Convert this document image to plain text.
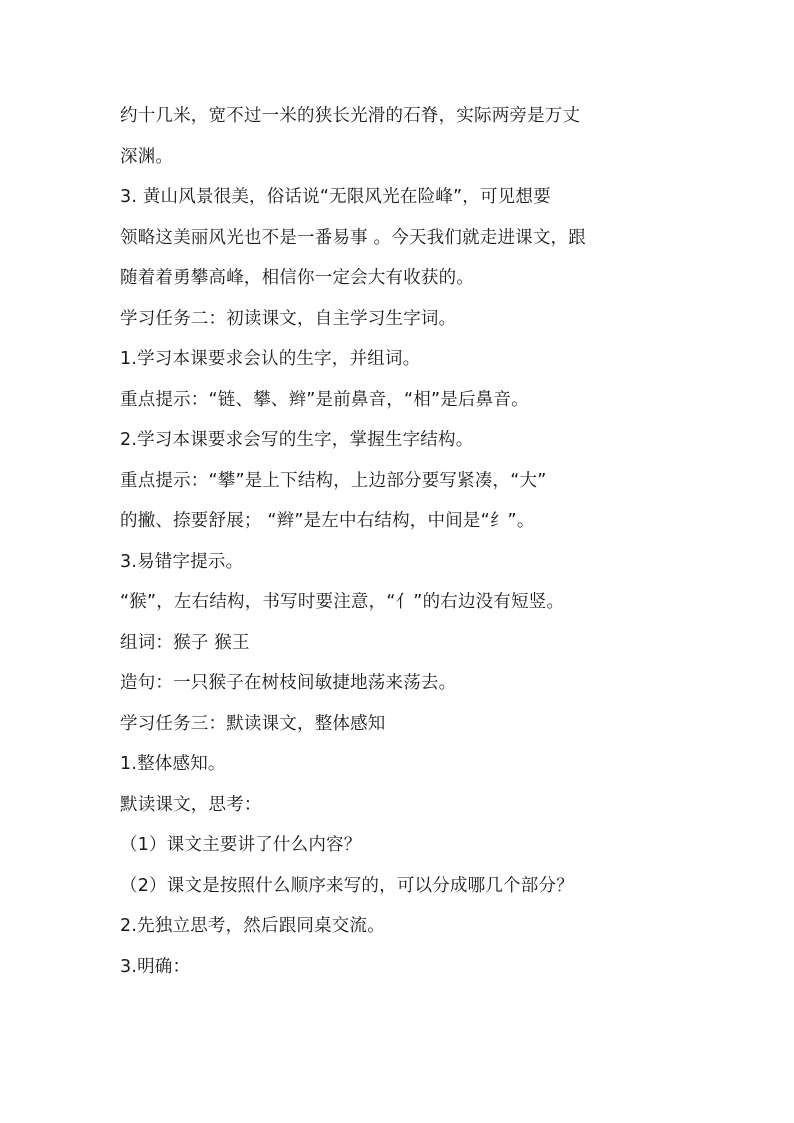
约十几米，宽不过一米的狭长光滑的石脊，实际两旁是万丈
深渊。
3. 黄山风景很美，俗话说“无限风光在险峰”，可见想要
领略这美丽风光也不是一番易事 。今天我们就走进课文，跟
随着着勇攀高峰，相信你一定会大有收获的。
学习任务二：初读课文，自主学习生字词。
1.学习本课要求会认的生字，并组词。
重点提示：“链、攀、辫”是前鼻音，“相”是后鼻音。
2.学习本课要求会写的生字，掌握生字结构。
重点提示：“攀”是上下结构，上边部分要写紧凑，“大”
的撇、捺要舒展； “辫”是左中右结构，中间是“纟”。
3.易错字提示。
“猴”，左右结构，书写时要注意，“亻”的右边没有短竖。
组词：猴子 猴王
造句：一只猴子在树枝间敏捷地荡来荡去。
学习任务三：默读课文，整体感知
1.整体感知。
默读课文，思考：
（1）课文主要讲了什么内容？
（2）课文是按照什么顺序来写的，可以分成哪几个部分？
2.先独立思考，然后跟同桌交流。
3.明确：
